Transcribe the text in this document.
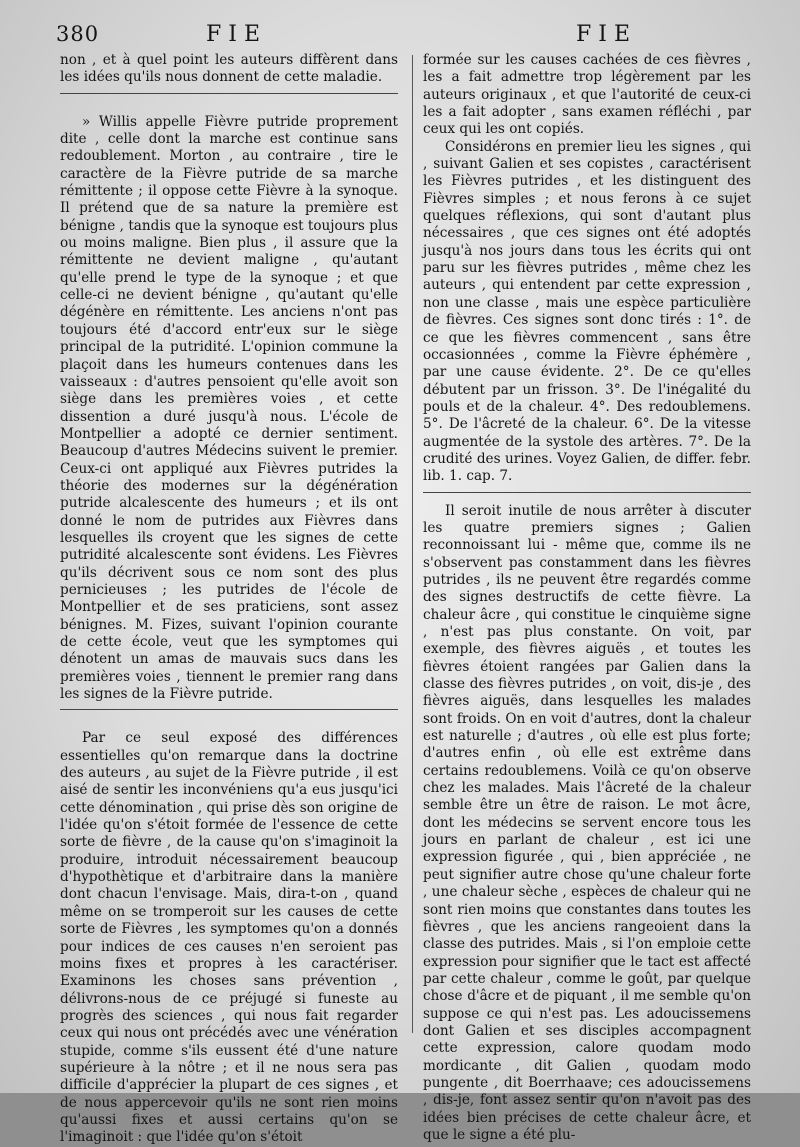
380	FIE	FIE

non , et à quel point les auteurs diffèrent dans les idées qu'ils nous donnent de cette maladie.

» Willis appelle Fièvre putride proprement dite , celle dont la marche est continue sans redoublement. Morton , au contraire , tire le caractère de la Fièvre putride de sa marche rémittente ; il oppose cette Fièvre à la synoque. Il prétend que de sa nature la première est bénigne , tandis que la synoque est toujours plus ou moins maligne. Bien plus , il assure que la rémittente ne devient maligne , qu'autant qu'elle prend le type de la synoque ; et que celle-ci ne devient bénigne , qu'autant qu'elle dégénère en rémittente. Les anciens n'ont pas toujours été d'accord entr'eux sur le siège principal de la putridité. L'opinion commune la plaçoit dans les humeurs contenues dans les vaisseaux : d'autres pensoient qu'elle avoit son siège dans les premières voies , et cette dissention a duré jusqu'à nous. L'école de Montpellier a adopté ce dernier sentiment. Beaucoup d'autres Médecins suivent le premier. Ceux-ci ont appliqué aux Fièvres putrides la théorie des modernes sur la dégénération putride alcalescente des humeurs ; et ils ont donné le nom de putrides aux Fièvres dans lesquelles ils croyent que les signes de cette putridité alcalescente sont évidens. Les Fièvres qu'ils décrivent sous ce nom sont des plus pernicieuses ; les putrides de l'école de Montpellier et de ses praticiens, sont assez bénignes. M. Fizes, suivant l'opinion courante de cette école, veut que les symptomes qui dénotent un amas de mauvais sucs dans les premières voies , tiennent le premier rang dans les signes de la Fièvre putride.

Par ce seul exposé des différences essentielles qu'on remarque dans la doctrine des auteurs , au sujet de la Fièvre putride , il est aisé de sentir les inconvéniens qu'a eus jusqu'ici cette dénomination , qui prise dès son origine de l'idée qu'on s'étoit formée de l'essence de cette sorte de fièvre , de la cause qu'on s'imaginoit la produire, introduit nécessairement beaucoup d'hypothètique et d'arbitraire dans la manière dont chacun l'envisage. Mais, dira-t-on , quand même on se tromperoit sur les causes de cette sorte de Fièvres , les symptomes qu'on a donnés pour indices de ces causes n'en seroient pas moins fixes et propres à les caractériser. Examinons les choses sans prévention , délivrons-nous de ce préjugé si funeste au progrès des sciences , qui nous fait regarder ceux qui nous ont précédés avec une vénération stupide, comme s'ils eussent été d'une nature supérieure à la nôtre ; et il ne nous sera pas difficile d'apprécier la plupart de ces signes , et de nous appercevoir qu'ils ne sont rien moins qu'aussi fixes et aussi certains qu'on se l'imaginoit : que l'idée qu'on s'étoit

formée sur les causes cachées de ces fièvres , les a fait admettre trop légèrement par les auteurs originaux , et que l'autorité de ceux-ci les a fait adopter , sans examen réfléchi , par ceux qui les ont copiés.

Considérons en premier lieu les signes , qui , suivant Galien et ses copistes , caractérisent les Fièvres putrides , et les distinguent des Fièvres simples ; et nous ferons à ce sujet quelques réflexions, qui sont d'autant plus nécessaires , que ces signes ont été adoptés jusqu'à nos jours dans tous les écrits qui ont paru sur les fièvres putrides , même chez les auteurs , qui entendent par cette expression , non une classe , mais une espèce particulière de fièvres. Ces signes sont donc tirés : 1°. de ce que les fièvres commencent , sans être occasionnées , comme la Fièvre éphémère , par une cause évidente. 2°. De ce qu'elles débutent par un frisson. 3°. De l'inégalité du pouls et de la chaleur. 4°. Des redoublemens. 5°. De l'âcreté de la chaleur. 6°. De la vitesse augmentée de la systole des artères. 7°. De la crudité des urines. Voyez Galien, de differ. febr. lib. 1. cap. 7.

Il seroit inutile de nous arrêter à discuter les quatre premiers signes ; Galien reconnoissant lui - même que, comme ils ne s'observent pas constamment dans les fièvres putrides , ils ne peuvent être regardés comme des signes destructifs de cette fièvre. La chaleur âcre , qui constitue le cinquième signe , n'est pas plus constante. On voit, par exemple, des fièvres aiguës , et toutes les fièvres étoient rangées par Galien dans la classe des fièvres putrides , on voit, dis-je , des fièvres aiguës, dans lesquelles les malades sont froids. On en voit d'autres, dont la chaleur est naturelle ; d'autres , où elle est plus forte; d'autres enfin , où elle est extrême dans certains redoublemens. Voilà ce qu'on observe chez les malades. Mais l'âcreté de la chaleur semble être un être de raison. Le mot âcre, dont les médecins se servent encore tous les jours en parlant de chaleur , est ici une expression figurée , qui , bien appréciée , ne peut signifier autre chose qu'une chaleur forte , une chaleur sèche , espèces de chaleur qui ne sont rien moins que constantes dans toutes les fièvres , que les anciens rangeoient dans la classe des putrides. Mais , si l'on emploie cette expression pour signifier que le tact est affecté par cette chaleur , comme le goût, par quelque chose d'âcre et de piquant , il me semble qu'on suppose ce qui n'est pas. Les adoucissemens dont Galien et ses disciples accompagnent cette expression, calore quodam modo mordicante , dit Galien , quodam modo pungente , dit Boerrhaave; ces adoucissemens , dis-je, font assez sentir qu'on n'avoit pas des idées bien précises de cette chaleur âcre, et que le signe a été plu-
